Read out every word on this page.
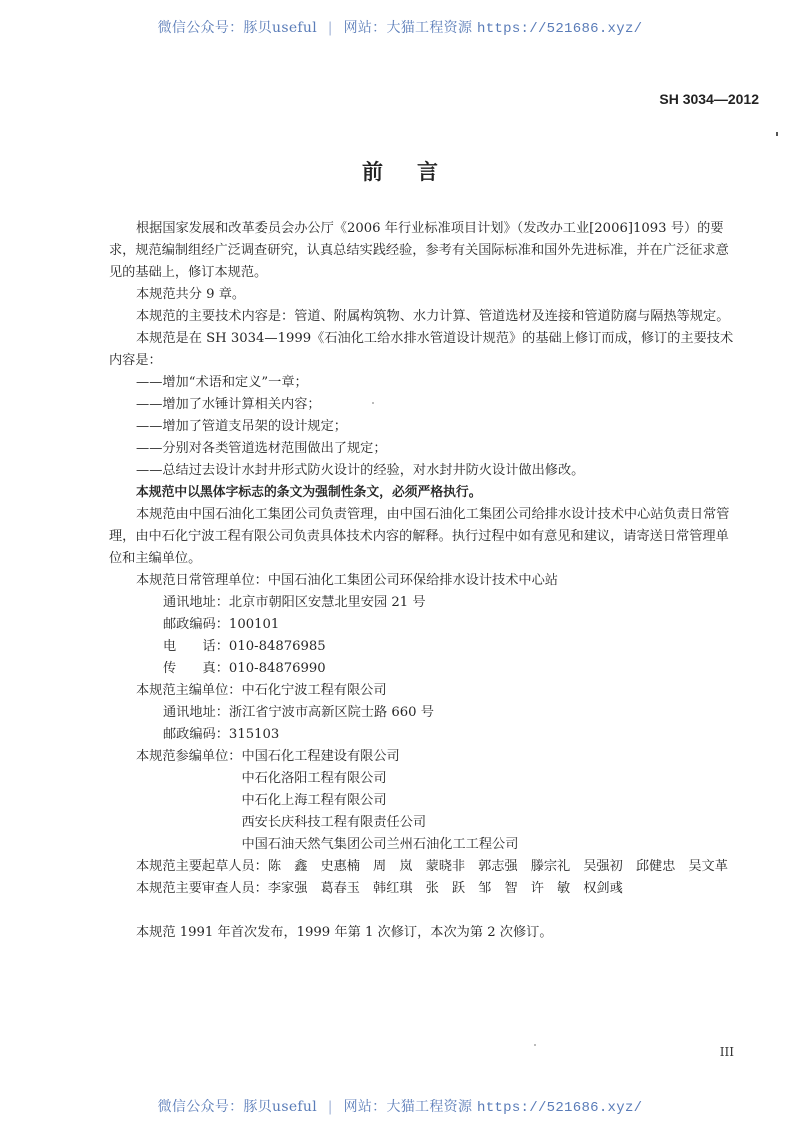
微信公众号：豚贝useful | 网站：大猫工程资源 https://521686.xyz/
SH 3034—2012
前言

根据国家发展和改革委员会办公厅《2006 年行业标准项目计划》（发改办工业[2006]1093 号）的要求，规范编制组经广泛调查研究，认真总结实践经验，参考有关国际标准和国外先进标准，并在广泛征求意见的基础上，修订本规范。

本规范共分 9 章。

本规范的主要技术内容是：管道、附属构筑物、水力计算、管道选材及连接和管道防腐与隔热等规定。

本规范是在 SH 3034—1999《石油化工给水排水管道设计规范》的基础上修订而成，修订的主要技术内容是：

——增加“术语和定义”一章；

——增加了水锤计算相关内容；

——增加了管道支吊架的设计规定；

——分别对各类管道选材范围做出了规定；

——总结过去设计水封井形式防火设计的经验，对水封井防火设计做出修改。

本规范中以黑体字标志的条文为强制性条文，必须严格执行。

本规范由中国石油化工集团公司负责管理，由中国石油化工集团公司给排水设计技术中心站负责日常管理，由中石化宁波工程有限公司负责具体技术内容的解释。执行过程中如有意见和建议，请寄送日常管理单位和主编单位。

本规范日常管理单位： 中国石油化工集团公司环保给排水设计技术中心站

通讯地址：北京市朝阳区安慧北里安园 21 号

邮政编码：100101

电　　话：010-84876985

传　　真：010-84876990

本规范主编单位： 中石化宁波工程有限公司

通讯地址：浙江省宁波市高新区院士路 660 号

邮政编码：315103

本规范参编单位： 中国石化工程建设有限公司
中石化洛阳工程有限公司
中石化上海工程有限公司
西安长庆科技工程有限责任公司
中国石油天然气集团公司兰州石油化工工程公司
本规范主要起草人员： 陈　鑫 史惠楠 周　岚 蒙晓非 郭志强 滕宗礼 吴强初 邱健忠 吴文革
本规范主要审查人员： 李家强 葛春玉 韩红琪 张　跃 邹　智 许　敏 权剑彧

本规范 1991 年首次发布，1999 年第 1 次修订，本次为第 2 次修订。

III
微信公众号：豚贝useful | 网站：大猫工程资源 https://521686.xyz/
